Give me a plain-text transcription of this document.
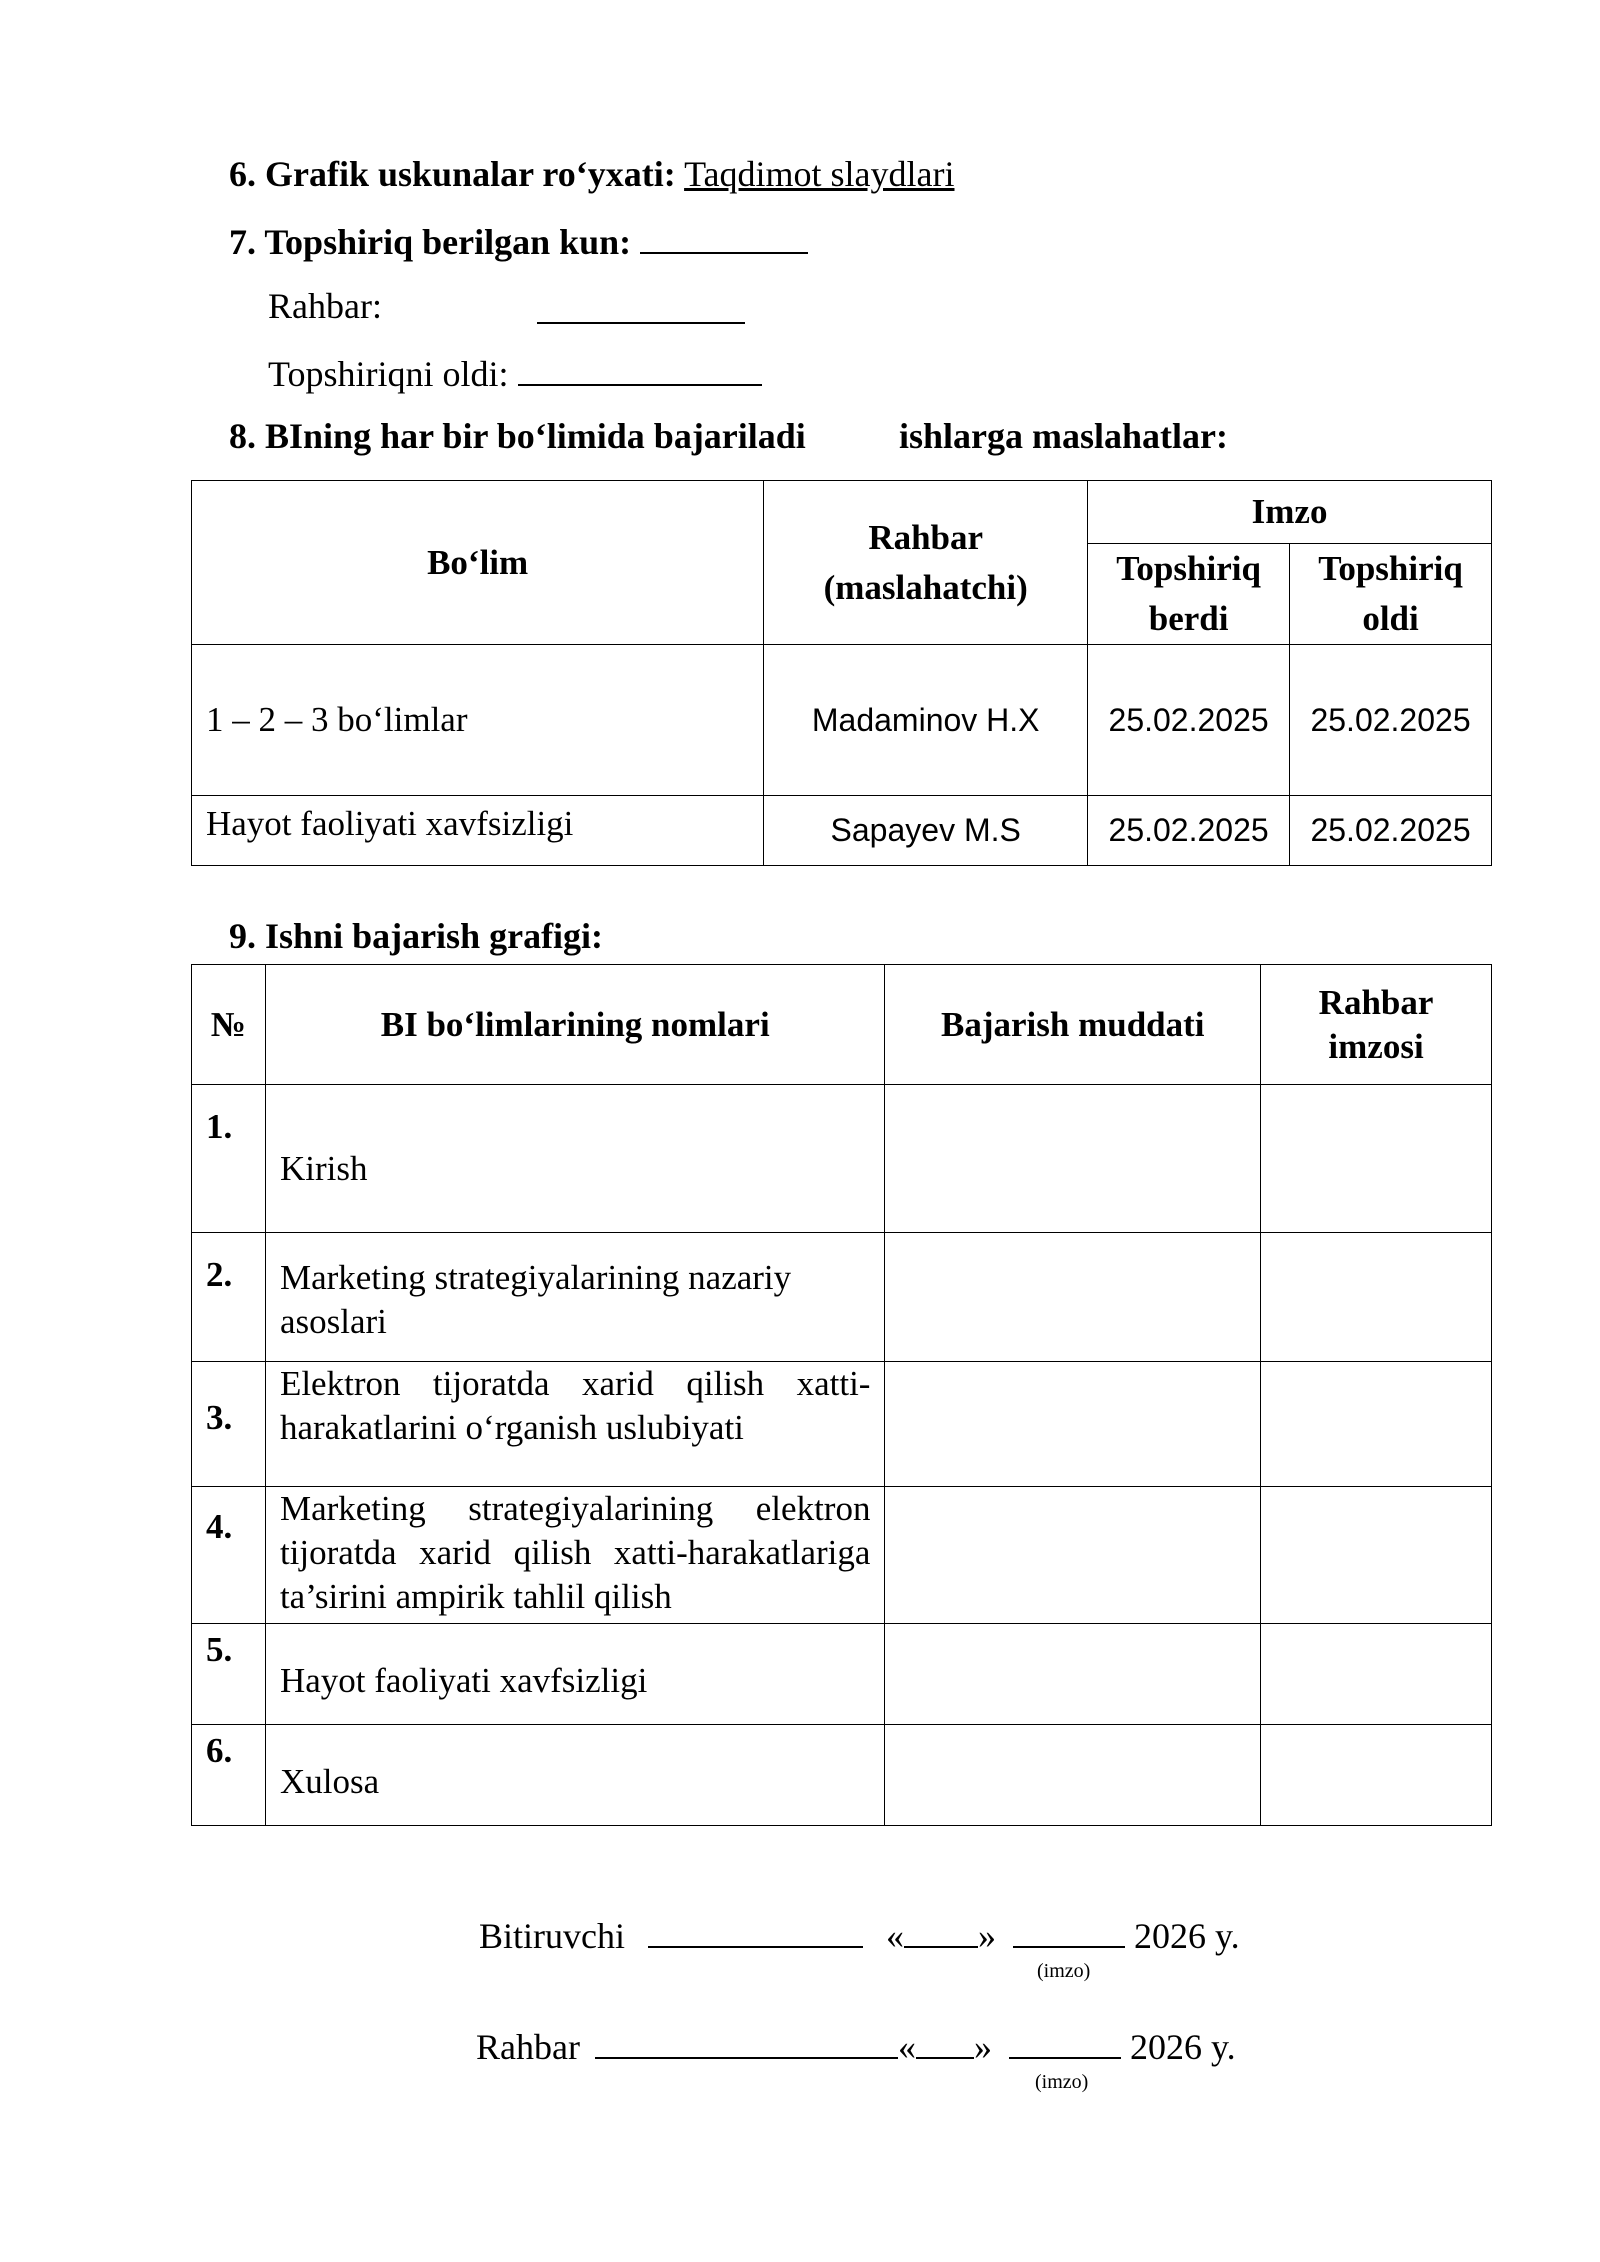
6. Grafik uskunalar ro‘yxati: Taqdimot slaydlari
7. Topshiriq berilgan kun:
Rahbar:
Topshiriqni oldi:
8. BIning har bir bo‘limida bajariladi	ishlarga maslahatlar:
Bo‘lim	Rahbar (maslahatchi)	Imzo	
		Topshiriq berdi	Topshiriq oldi
1 – 2 – 3 bo‘limlar	Madaminov H.X	25.02.2025	25.02.2025
Hayot faoliyati xavfsizligi	Sapayev M.S	25.02.2025	25.02.2025
9. Ishni bajarish grafigi:
№	BI bo‘limlarining nomlari	Bajarish muddati	Rahbar imzosi
1.	Kirish		
2.	Marketing strategiyalarining nazariy asoslari		
3.	Elektron tijoratda xarid qilish xatti-harakatlarini o‘rganish uslubiyati		
4.	Marketing strategiyalarining elektron tijoratda xarid qilish xatti-harakatlariga ta’sirini ampirik tahlil qilish		
5.	Hayot faoliyati xavfsizligi		
6.	Xulosa		
Bitiruvchi	« »	2026 y.
(imzo)
Rahbar	« »	2026 y.
(imzo)
